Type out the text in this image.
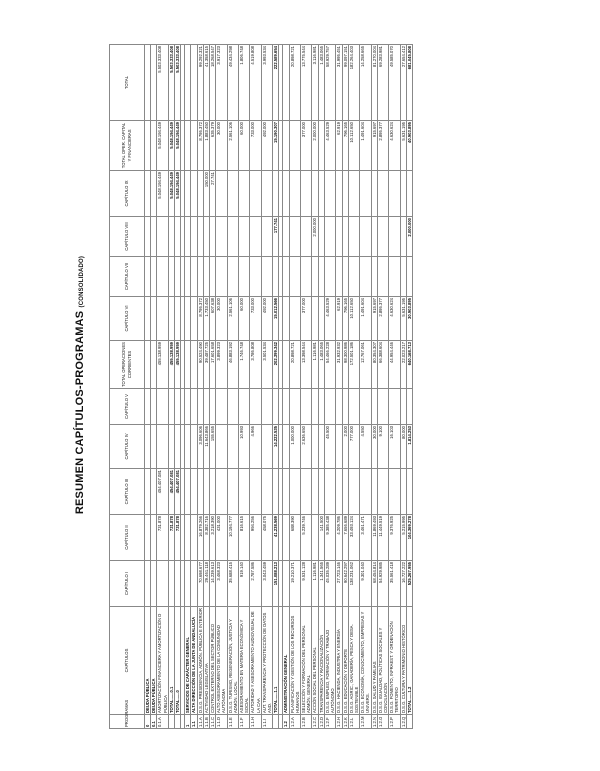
RESUMEN CAPÍTULOS-PROGRAMAS (CONSOLIDADO)
PROGRAMAS	CAPÍTULOS	CAPÍTULO I	CAPÍTULO II	CAPÍTULO III	CAPÍTULO IV	CAPÍTULO V	TOTAL OPERACIONES CORRIENTES	CAPÍTULO VI	CAPÍTULO VII	CAPÍTULO VIII	CAPÍTULO IX	TOTAL OPER. CAPITAL Y FINANCIERAS	TOTAL
0	DEUDA PÚBLICA												
0.1	DEUDA PÚBLICA												
0.1.A	AMORTIZACIÓN FINANCIERA Y AMORTIZACIÓN D PÚBLICA		731.878	454.407.081			455.138.959				5.048.194.449	5.048.194.449	5.503.333.408
	TOTAL......0.1		731.878	454.407.081			455.138.959				5.048.194.449	5.048.194.449	5.503.333.408
	TOTAL......0		731.878	454.407.081			455.138.959				5.048.194.449	5.048.194.449	5.503.333.408

1	SERVICIOS DE CARÁCTER GENERAL												
1.1	ALTA DIRECCIÓN DE LA JUNTA DE ANDALUCÍA												
1.1.A	D.S.G. PRESIDENCIA, ADMÓN. PÚBLICA E INTERIOR	70.698.677	16.879.266		3.096.606		90.524.490	8.795.372				8.795.372	99.292.321
1.1.B	ACTIVIDAD LEGISLATIVA	29.461.118	8.382.716		11.643.866		39.487.725	1.733.450			150.000	1.883.450	41.358.615
1.1.C	CONTROL EXTERNO DEL SECTOR PÚBLICO	14.239.613	3.218.390		155.655		17.601.658	607.638			27.741	635.379	18.268.547
1.1.D	ALTO ASESORAMIENTO DE LA COMUNIDAD AUTÓNOMA	3.468.323	431.000				3.899.323	30.000				30.000	3.917.323
1.1.E	D.S.G. TURISMO, REGENERACIÓN, JUSTICIA Y ADMÓN. LOCAL	35.688.415	10.194.777				46.883.192	2.561.106				2.561.106	49.434.298
1.1.F	ASESORAMIENTO EN MATERIA ECONÓMICA Y SOCIAL	919.140	816.615		10.993		1.746.748	60.000				60.000	1.806.748
1.1.H	AUTORIDAD Y ASESORAMIENTO AUDIOVISUAL DE LA CAA	2.787.586	994.256		4.966		3.786.808	733.000				733.000	4.519.808
1.1.I	AUT. TRANSPARENCIA Y PROTECCIÓN DE DATOS AND.	3.043.459	458.075				3.501.534	492.000				492.000	3.993.534
	TOTAL......1.1	151.088.213	41.238.569		14.222.535		202.399.342	15.012.566		177.741		15.190.307	222.589.654

1.2	ADMINISTRACIÓN GENERAL												
1.2.A	PLANIFICACIÓN Y GESTIÓN DE LOS RECURSOS HUMANOS	19.210.371	688.390		1.000.000		20.898.721						20.898.721
1.2.B	SELECCIÓN Y FORMACIÓN DEL PERSONAL ADMÓN. GENERAL	9.531.128	5.239.746		2.636.650		13.398.544	377.000				377.000	13.775.544
1.2.C	ACCIÓN SOCIAL DEL PERSONAL	1.116.981					1.116.981			2.000.000		2.000.000	3.116.981
1.2.D	TRANSPARENCIA Y RACIONALIZACIÓN	1.341.565	141.500				1.483.065						1.483.065
1.2.F	D.S.G. EMPLEO, FORMACIÓN Y TRABAJO AUTÓNOMO	45.035.289	9.385.438		45.500		54.466.228	4.463.529				4.463.529	58.929.757
1.2.H	D.S.G. HACIENDA, INDUSTRIA Y ENERGÍA	27.723.146	4.209.786				31.932.932	62.919				62.919	31.995.451
1.2.K	D.S.G. EDUCACIÓN Y DEPORTE	90.642.297	7.656.689		2.000		98.300.986	796.165				796.165	99.097.151
1.2.L	D.S.G. AGRIC., GANADERÍA, PESCA Y DESA. SOSTENIBLE	138.231.062	33.493.124		777.000		172.501.186	10.112.650				10.112.650	182.264.403
1.2.M	D.S.G. ECONOMÍA, CONOCIMIENTO, EMPRESAS Y UNIVERS.	9.301.040	3.461.471		4.550		12.767.061	1.491.604				1.491.604	14.258.665
1.2.N	D.S.G. SALUD Y FAMILIAS	68.454.814	11.869.493		30.000		80.354.307	915.697				915.697	81.270.004
1.2.O	D.S.G. IGUALDAD, POLÍTICAS SOCIALES Y CONCILIACIÓN	54.929.985	11.449.519		9.100		66.388.604	2.895.377				2.895.377	69.283.981
1.2.P	D.S.G. FOMENTO, INFRAEST. Y ORDENACIÓN TERRITORIO	35.561.418	9.376.925		16.103		44.954.446	4.630.624				4.630.624	49.585.070
1.2.Q	D.S.G. CULTURA Y PATRIMONIO HISTÓRICO	16.727.222	5.215.995		80.000		22.023.217	5.631.195				5.631.195	27.654.412
	TOTAL......1.2	525.267.955	104.369.278		1.814.253		640.168.713	30.903.895		2.000.000		40.903.895	681.045.808
